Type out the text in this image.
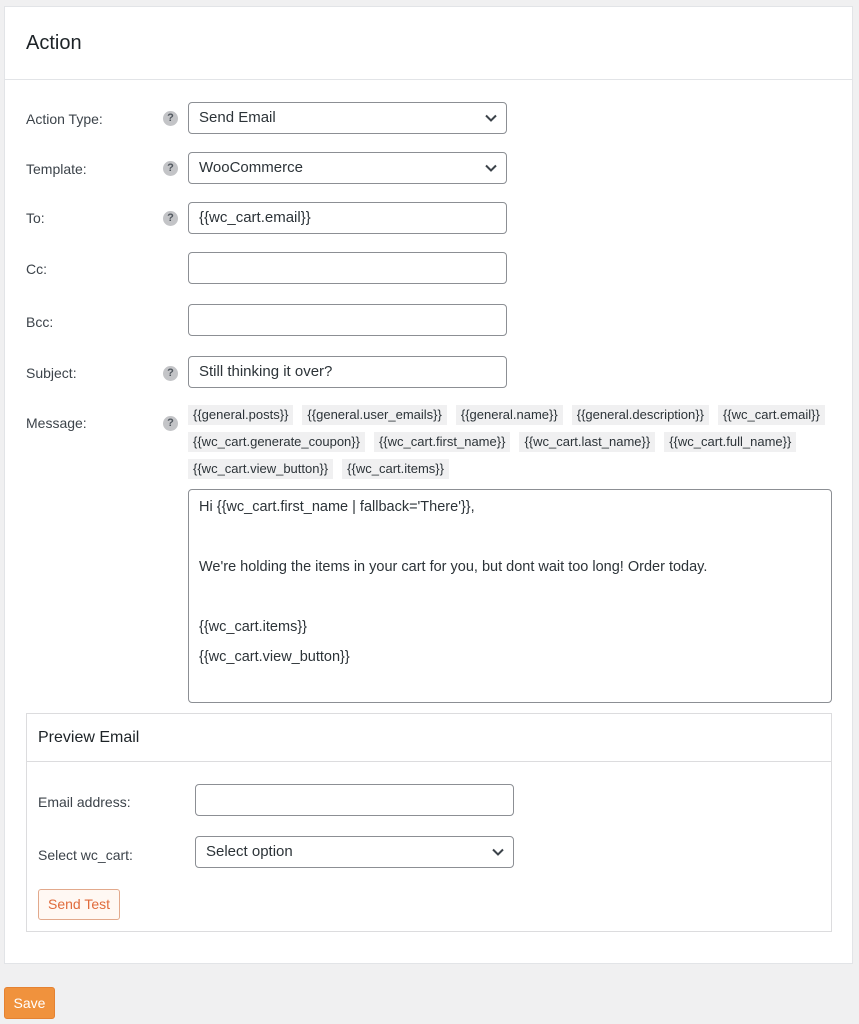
Action
Action Type:	?	Send Email
Template:	?	WooCommerce
To:	?	{{wc_cart.email}}
Cc:
Bcc:
Subject:	?	Still thinking it over?
Message:	?
{{general.posts}}	{{general.user_emails}}	{{general.name}}	{{general.description}}	{{wc_cart.email}}
{{wc_cart.generate_coupon}}	{{wc_cart.first_name}}	{{wc_cart.last_name}}	{{wc_cart.full_name}}
{{wc_cart.view_button}}	{{wc_cart.items}}

Hi {{wc_cart.first_name | fallback='There'}},

We're holding the items in your cart for you, but dont wait too long! Order today.

{{wc_cart.items}}

{{wc_cart.view_button}}

Preview Email
Email address:
Select wc_cart:	Select option
Send Test
Save
